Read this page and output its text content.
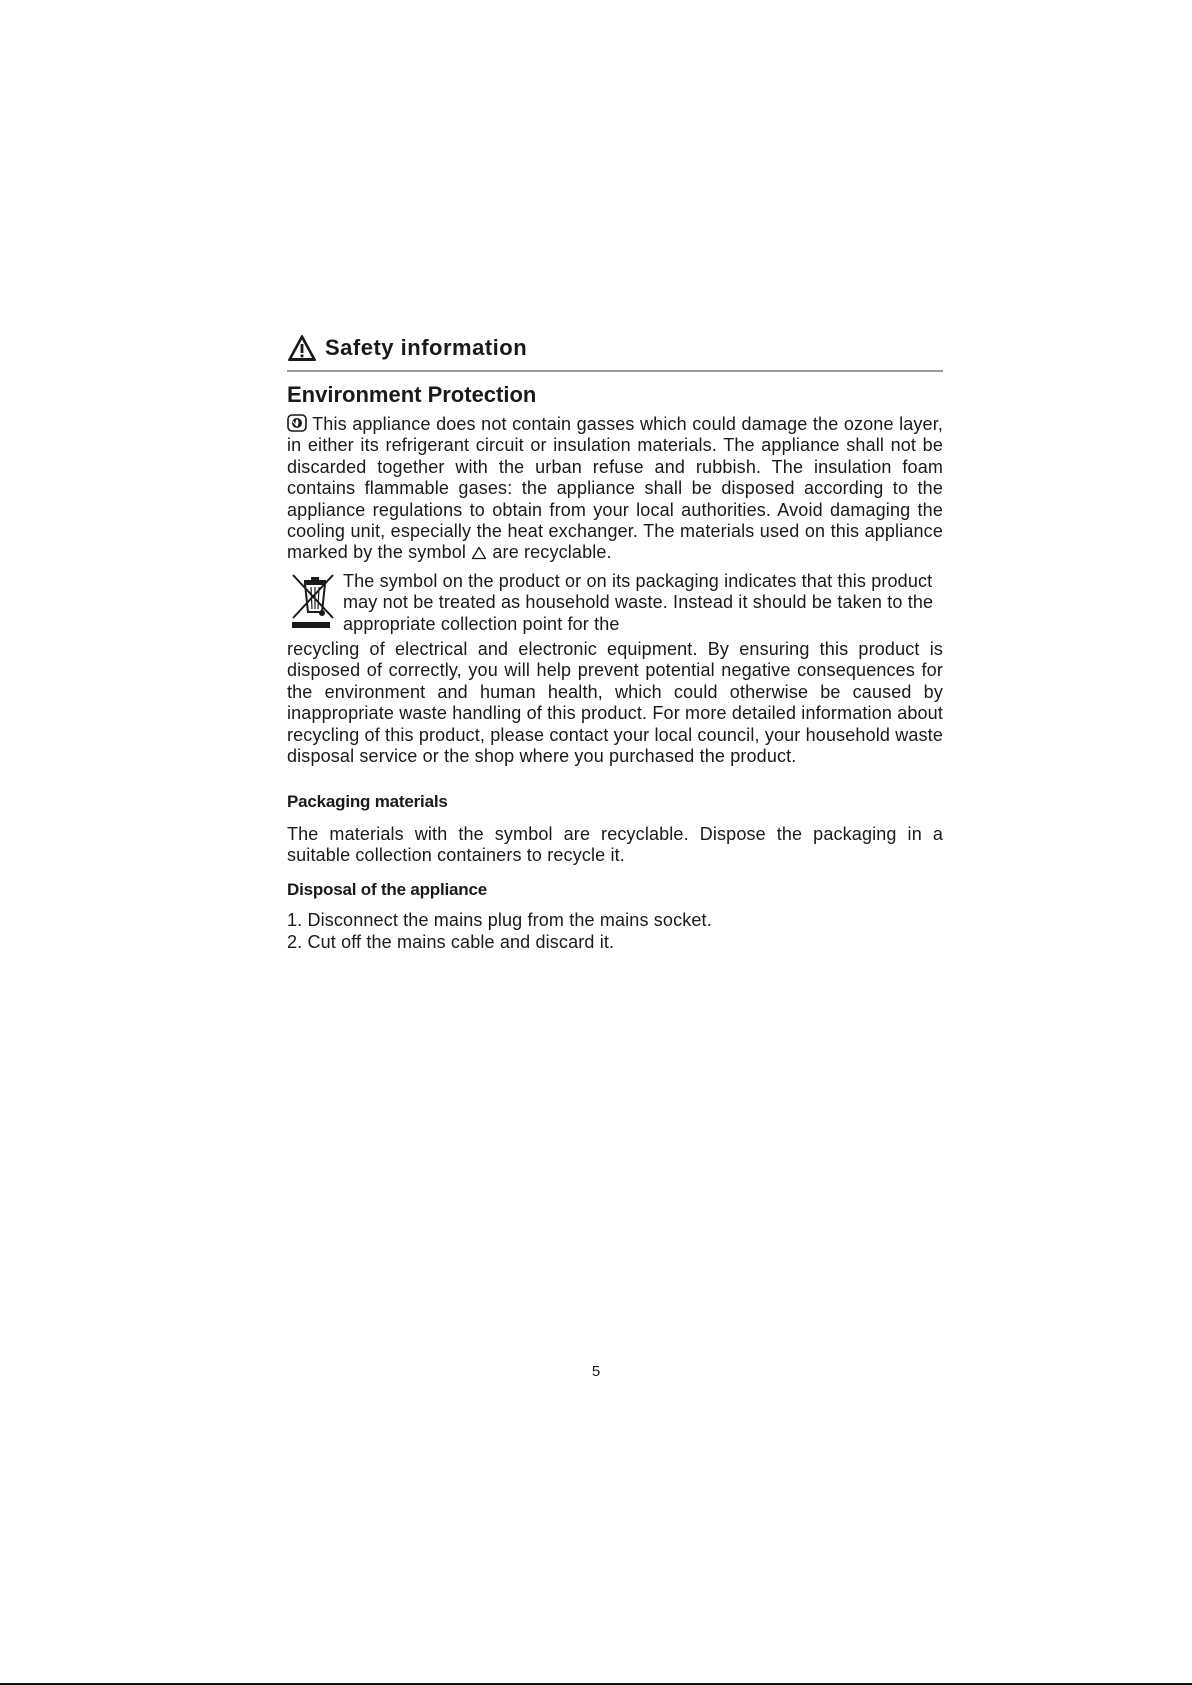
Safety information
Environment Protection

This appliance does not contain gasses which could damage the ozone layer, in either its refrigerant circuit or insulation materials. The appliance shall not be discarded together with the urban refuse and rubbish. The insulation foam contains flammable gases: the appliance shall be disposed according to the appliance regulations to obtain from your local authorities. Avoid damaging the cooling unit, especially the heat exchanger. The materials used on this appliance marked by the symbol are recyclable.

The symbol on the product or on its packaging indicates that this product may not be treated as household waste. Instead it should be taken to the appropriate collection point for the

recycling of electrical and electronic equipment. By ensuring this product is disposed of correctly, you will help prevent potential negative consequences for the environment and human health, which could otherwise be caused by inappropriate waste handling of this product. For more detailed information about recycling of this product, please contact your local council, your household waste disposal service or the shop where you purchased the product.

Packaging materials

The materials with the symbol are recyclable. Dispose the packaging in a suitable collection containers to recycle it.

Disposal of the appliance
1. Disconnect the mains plug from the mains socket.
2. Cut off the mains cable and discard it.
5
